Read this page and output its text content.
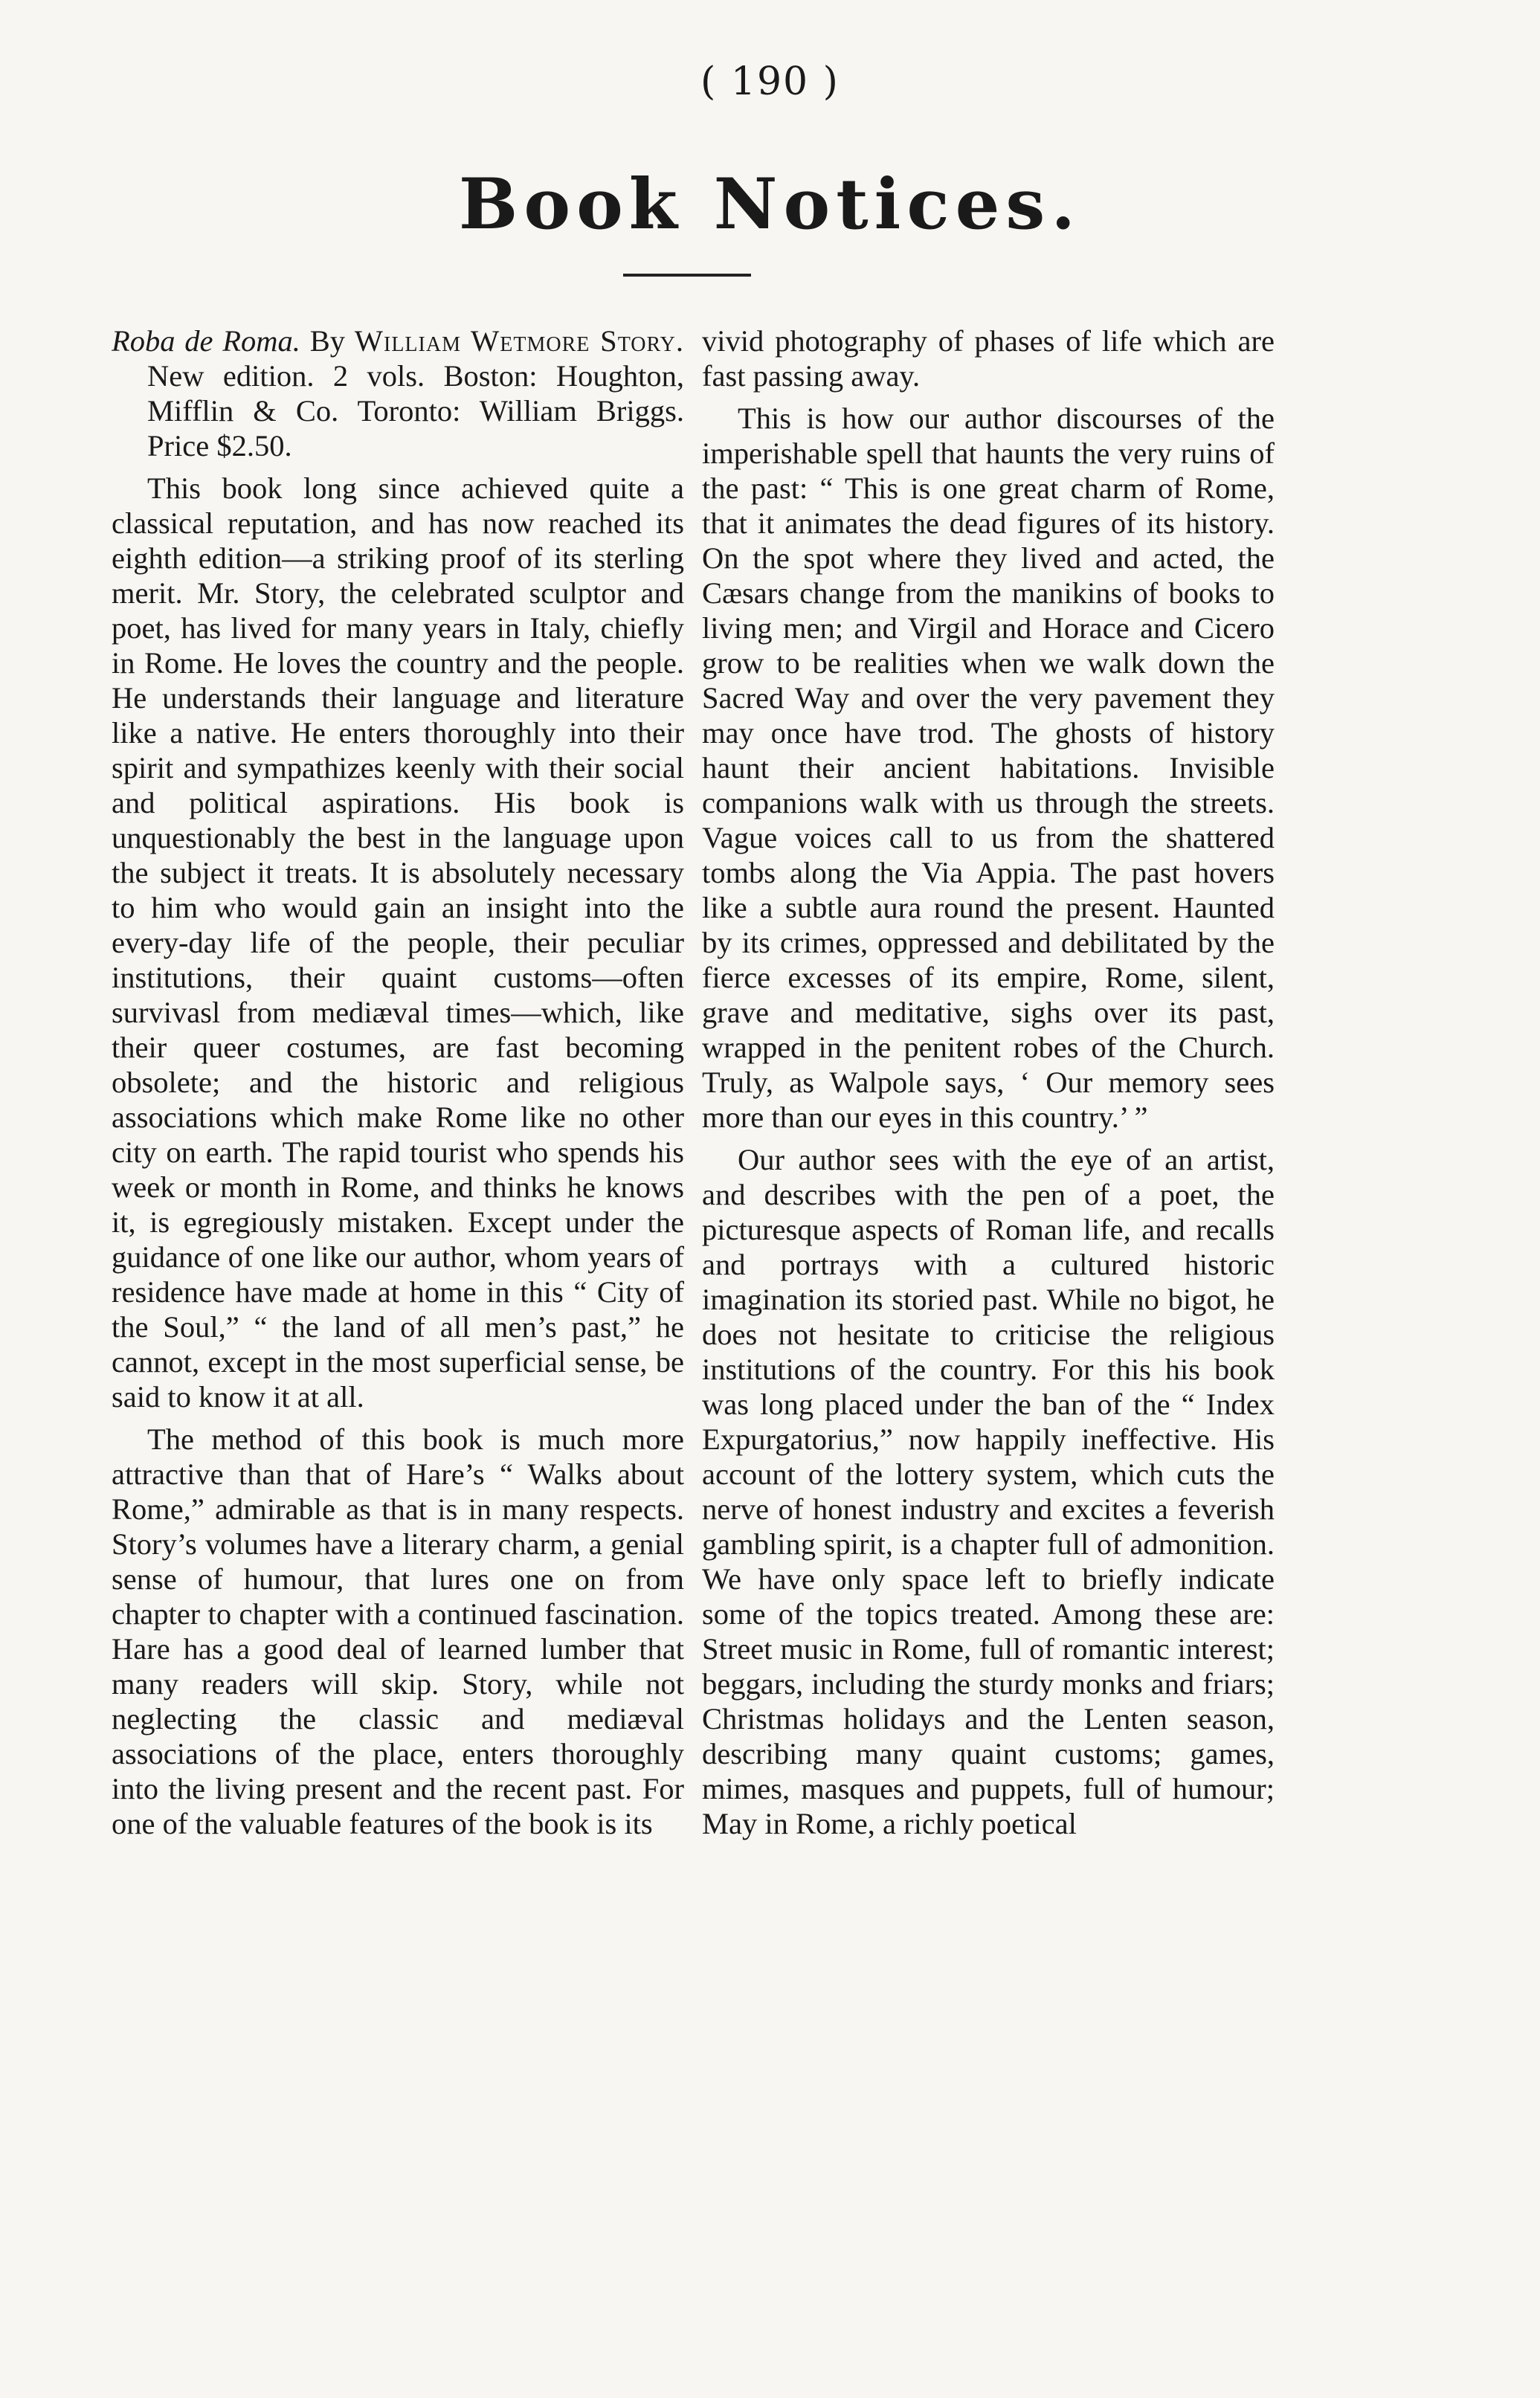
( 190 )
Book Notices.

Roba de Roma. By William Wetmore Story. New edition. 2 vols. Boston: Houghton, Mifflin & Co. Toronto: William Briggs. Price $2.50.

This book long since achieved quite a classical reputation, and has now reached its eighth edition—a striking proof of its sterling merit. Mr. Story, the celebrated sculptor and poet, has lived for many years in Italy, chiefly in Rome. He loves the country and the people. He understands their language and literature like a native. He enters thoroughly into their spirit and sympathizes keenly with their social and political aspirations. His book is unquestionably the best in the language upon the subject it treats. It is absolutely necessary to him who would gain an insight into the every-day life of the people, their peculiar institutions, their quaint customs—often survivasl from mediæval times—which, like their queer costumes, are fast becoming obsolete; and the historic and religious associations which make Rome like no other city on earth. The rapid tourist who spends his week or month in Rome, and thinks he knows it, is egregiously mistaken. Except under the guidance of one like our author, whom years of residence have made at home in this “ City of the Soul,” “ the land of all men’s past,” he cannot, except in the most superficial sense, be said to know it at all.

The method of this book is much more attractive than that of Hare’s “ Walks about Rome,” admirable as that is in many respects. Story’s volumes have a literary charm, a genial sense of humour, that lures one on from chapter to chapter with a continued fascination. Hare has a good deal of learned lumber that many readers will skip. Story, while not neglecting the classic and mediæval associations of the place, enters thoroughly into the living present and the recent past. For one of the valuable features of the book is its

vivid photography of phases of life which are fast passing away.

This is how our author discourses of the imperishable spell that haunts the very ruins of the past: “ This is one great charm of Rome, that it animates the dead figures of its history. On the spot where they lived and acted, the Cæsars change from the manikins of books to living men; and Virgil and Horace and Cicero grow to be realities when we walk down the Sacred Way and over the very pavement they may once have trod. The ghosts of history haunt their ancient habitations. Invisible companions walk with us through the streets. Vague voices call to us from the shattered tombs along the Via Appia. The past hovers like a subtle aura round the present. Haunted by its crimes, oppressed and debilitated by the fierce excesses of its empire, Rome, silent, grave and meditative, sighs over its past, wrapped in the penitent robes of the Church. Truly, as Walpole says, ‘ Our memory sees more than our eyes in this country.’ ”

Our author sees with the eye of an artist, and describes with the pen of a poet, the picturesque aspects of Roman life, and recalls and portrays with a cultured historic imagination its storied past. While no bigot, he does not hesitate to criticise the religious institutions of the country. For this his book was long placed under the ban of the “ Index Expurgatorius,” now happily ineffective. His account of the lottery system, which cuts the nerve of honest industry and excites a feverish gambling spirit, is a chapter full of admonition. We have only space left to briefly indicate some of the topics treated. Among these are: Street music in Rome, full of romantic interest; beggars, including the sturdy monks and friars; Christmas holidays and the Lenten season, describing many quaint customs; games, mimes, masques and puppets, full of humour; May in Rome, a richly poetical
